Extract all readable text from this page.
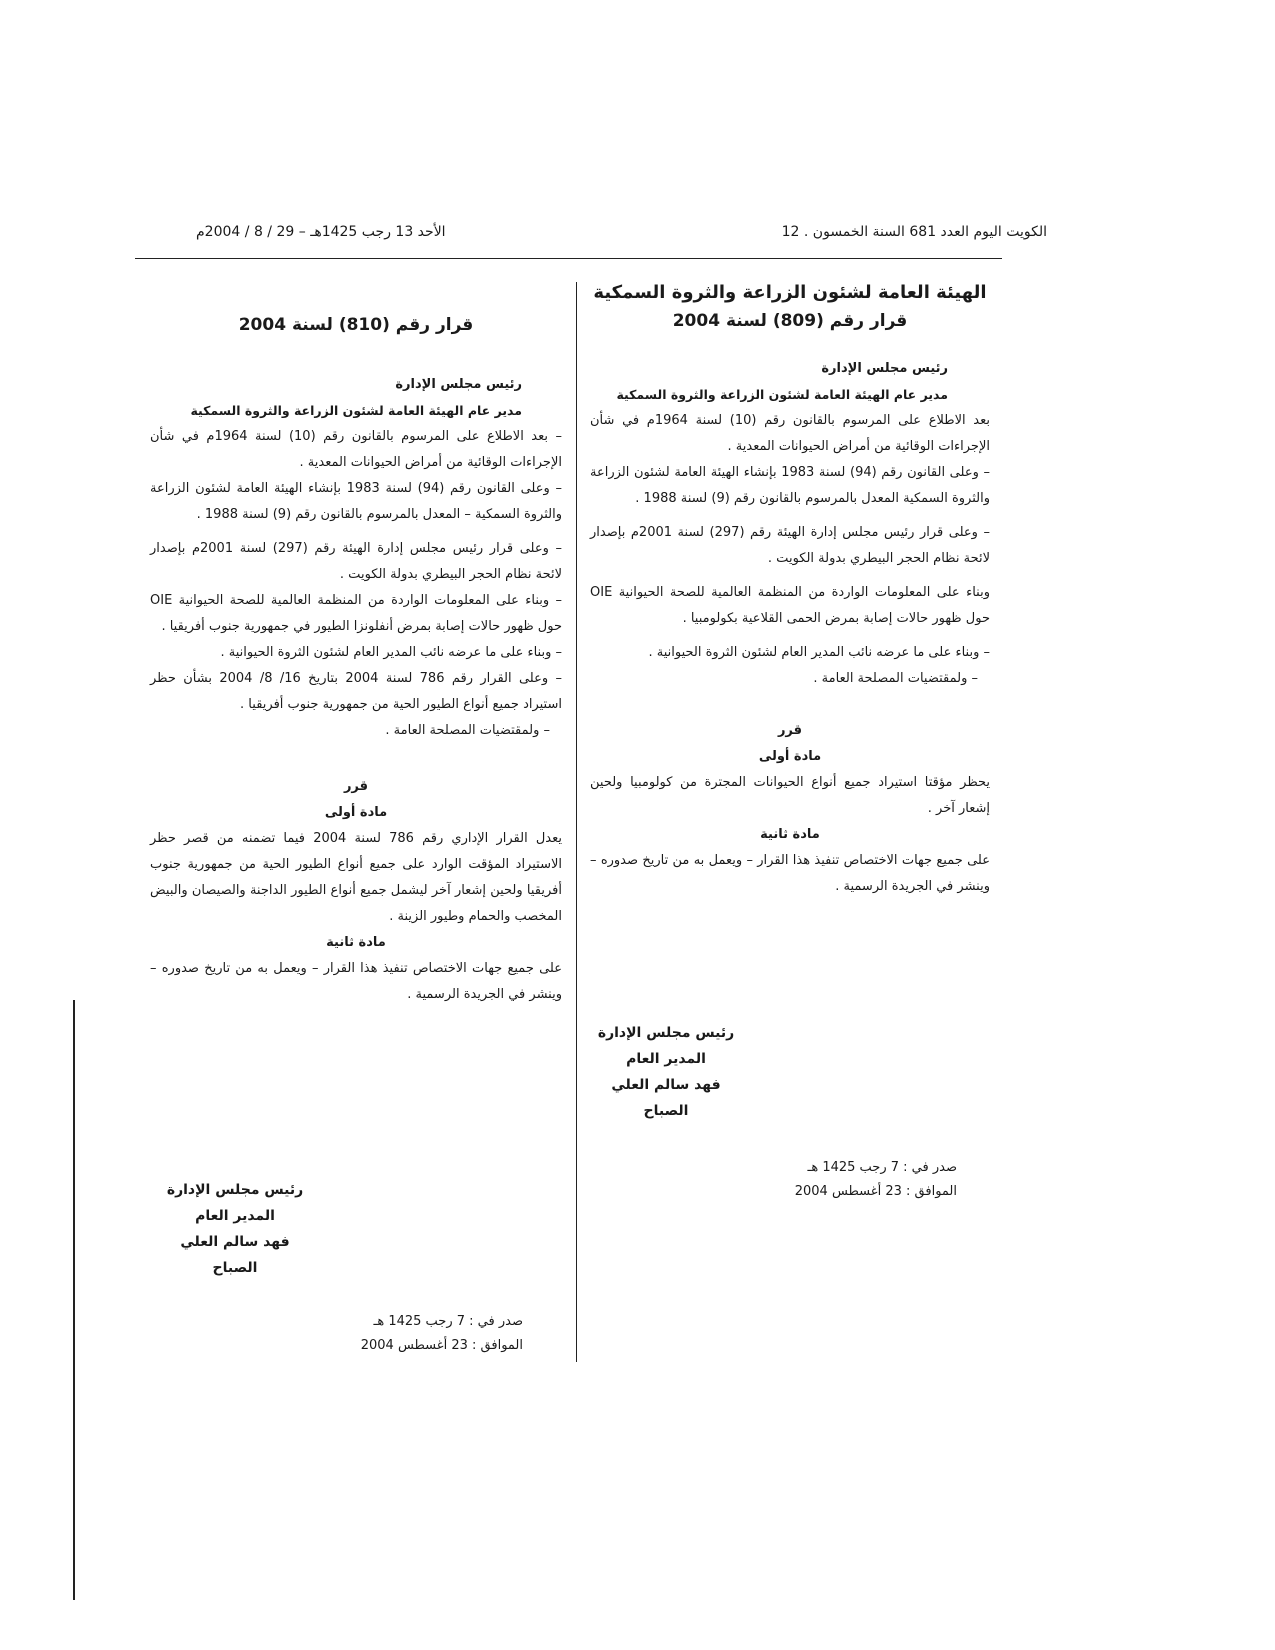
الكويت اليوم العدد 681 السنة الخمسون . 12
الأحد 13 رجب 1425هـ – 29 / 8 / 2004م
الهيئة العامة لشئون الزراعة والثروة السمكية
قرار رقم (809) لسنة 2004

رئيس مجلس الإدارة

مدير عام الهيئة العامة لشئون الزراعة والثروة السمكية

بعد الاطلاع على المرسوم بالقانون رقم (10) لسنة 1964م في شأن الإجراءات الوقائية من أمراض الحيوانات المعدية .

– وعلى القانون رقم (94) لسنة 1983 بإنشاء الهيئة العامة لشئون الزراعة والثروة السمكية المعدل بالمرسوم بالقانون رقم (9) لسنة 1988 .

– وعلى قرار رئيس مجلس إدارة الهيئة رقم (297) لسنة 2001م بإصدار لائحة نظام الحجر البيطري بدولة الكويت .

وبناء على المعلومات الواردة من المنظمة العالمية للصحة الحيوانية OIE حول ظهور حالات إصابة بمرض الحمى القلاعية بكولومبيا .

– وبناء على ما عرضه نائب المدير العام لشئون الثروة الحيوانية .

– ولمقتضيات المصلحة العامة .

قرر

مادة أولى

يحظر مؤقتا استيراد جميع أنواع الحيوانات المجترة من كولومبيا ولحين إشعار آخر .

مادة ثانية

على جميع جهات الاختصاص تنفيذ هذا القرار – ويعمل به من تاريخ صدوره – وينشر في الجريدة الرسمية .

رئيس مجلس الإدارة
المدير العام
فهد سالم العلي الصباح
صدر في : 7 رجب 1425 هـ
الموافق : 23 أغسطس 2004
قرار رقم (810) لسنة 2004

رئيس مجلس الإدارة

مدير عام الهيئة العامة لشئون الزراعة والثروة السمكية

– بعد الاطلاع على المرسوم بالقانون رقم (10) لسنة 1964م في شأن الإجراءات الوقائية من أمراض الحيوانات المعدية .

– وعلى القانون رقم (94) لسنة 1983 بإنشاء الهيئة العامة لشئون الزراعة والثروة السمكية – المعدل بالمرسوم بالقانون رقم (9) لسنة 1988 .

– وعلى قرار رئيس مجلس إدارة الهيئة رقم (297) لسنة 2001م بإصدار لائحة نظام الحجر البيطري بدولة الكويت .

– وبناء على المعلومات الواردة من المنظمة العالمية للصحة الحيوانية OIE حول ظهور حالات إصابة بمرض أنفلونزا الطيور في جمهورية جنوب أفريقيا .

– وبناء على ما عرضه نائب المدير العام لشئون الثروة الحيوانية .

– وعلى القرار رقم 786 لسنة 2004 بتاريخ 16/ 8/ 2004 بشأن حظر استيراد جميع أنواع الطيور الحية من جمهورية جنوب أفريقيا .

– ولمقتضيات المصلحة العامة .

قرر

مادة أولى

يعدل القرار الإداري رقم 786 لسنة 2004 فيما تضمنه من قصر حظر الاستيراد المؤقت الوارد على جميع أنواع الطيور الحية من جمهورية جنوب أفريقيا ولحين إشعار آخر ليشمل جميع أنواع الطيور الداجنة والصيصان والبيض المخصب والحمام وطيور الزينة .

مادة ثانية

على جميع جهات الاختصاص تنفيذ هذا القرار – ويعمل به من تاريخ صدوره – وينشر في الجريدة الرسمية .

رئيس مجلس الإدارة
المدير العام
فهد سالم العلي الصباح
صدر في : 7 رجب 1425 هـ
الموافق : 23 أغسطس 2004
